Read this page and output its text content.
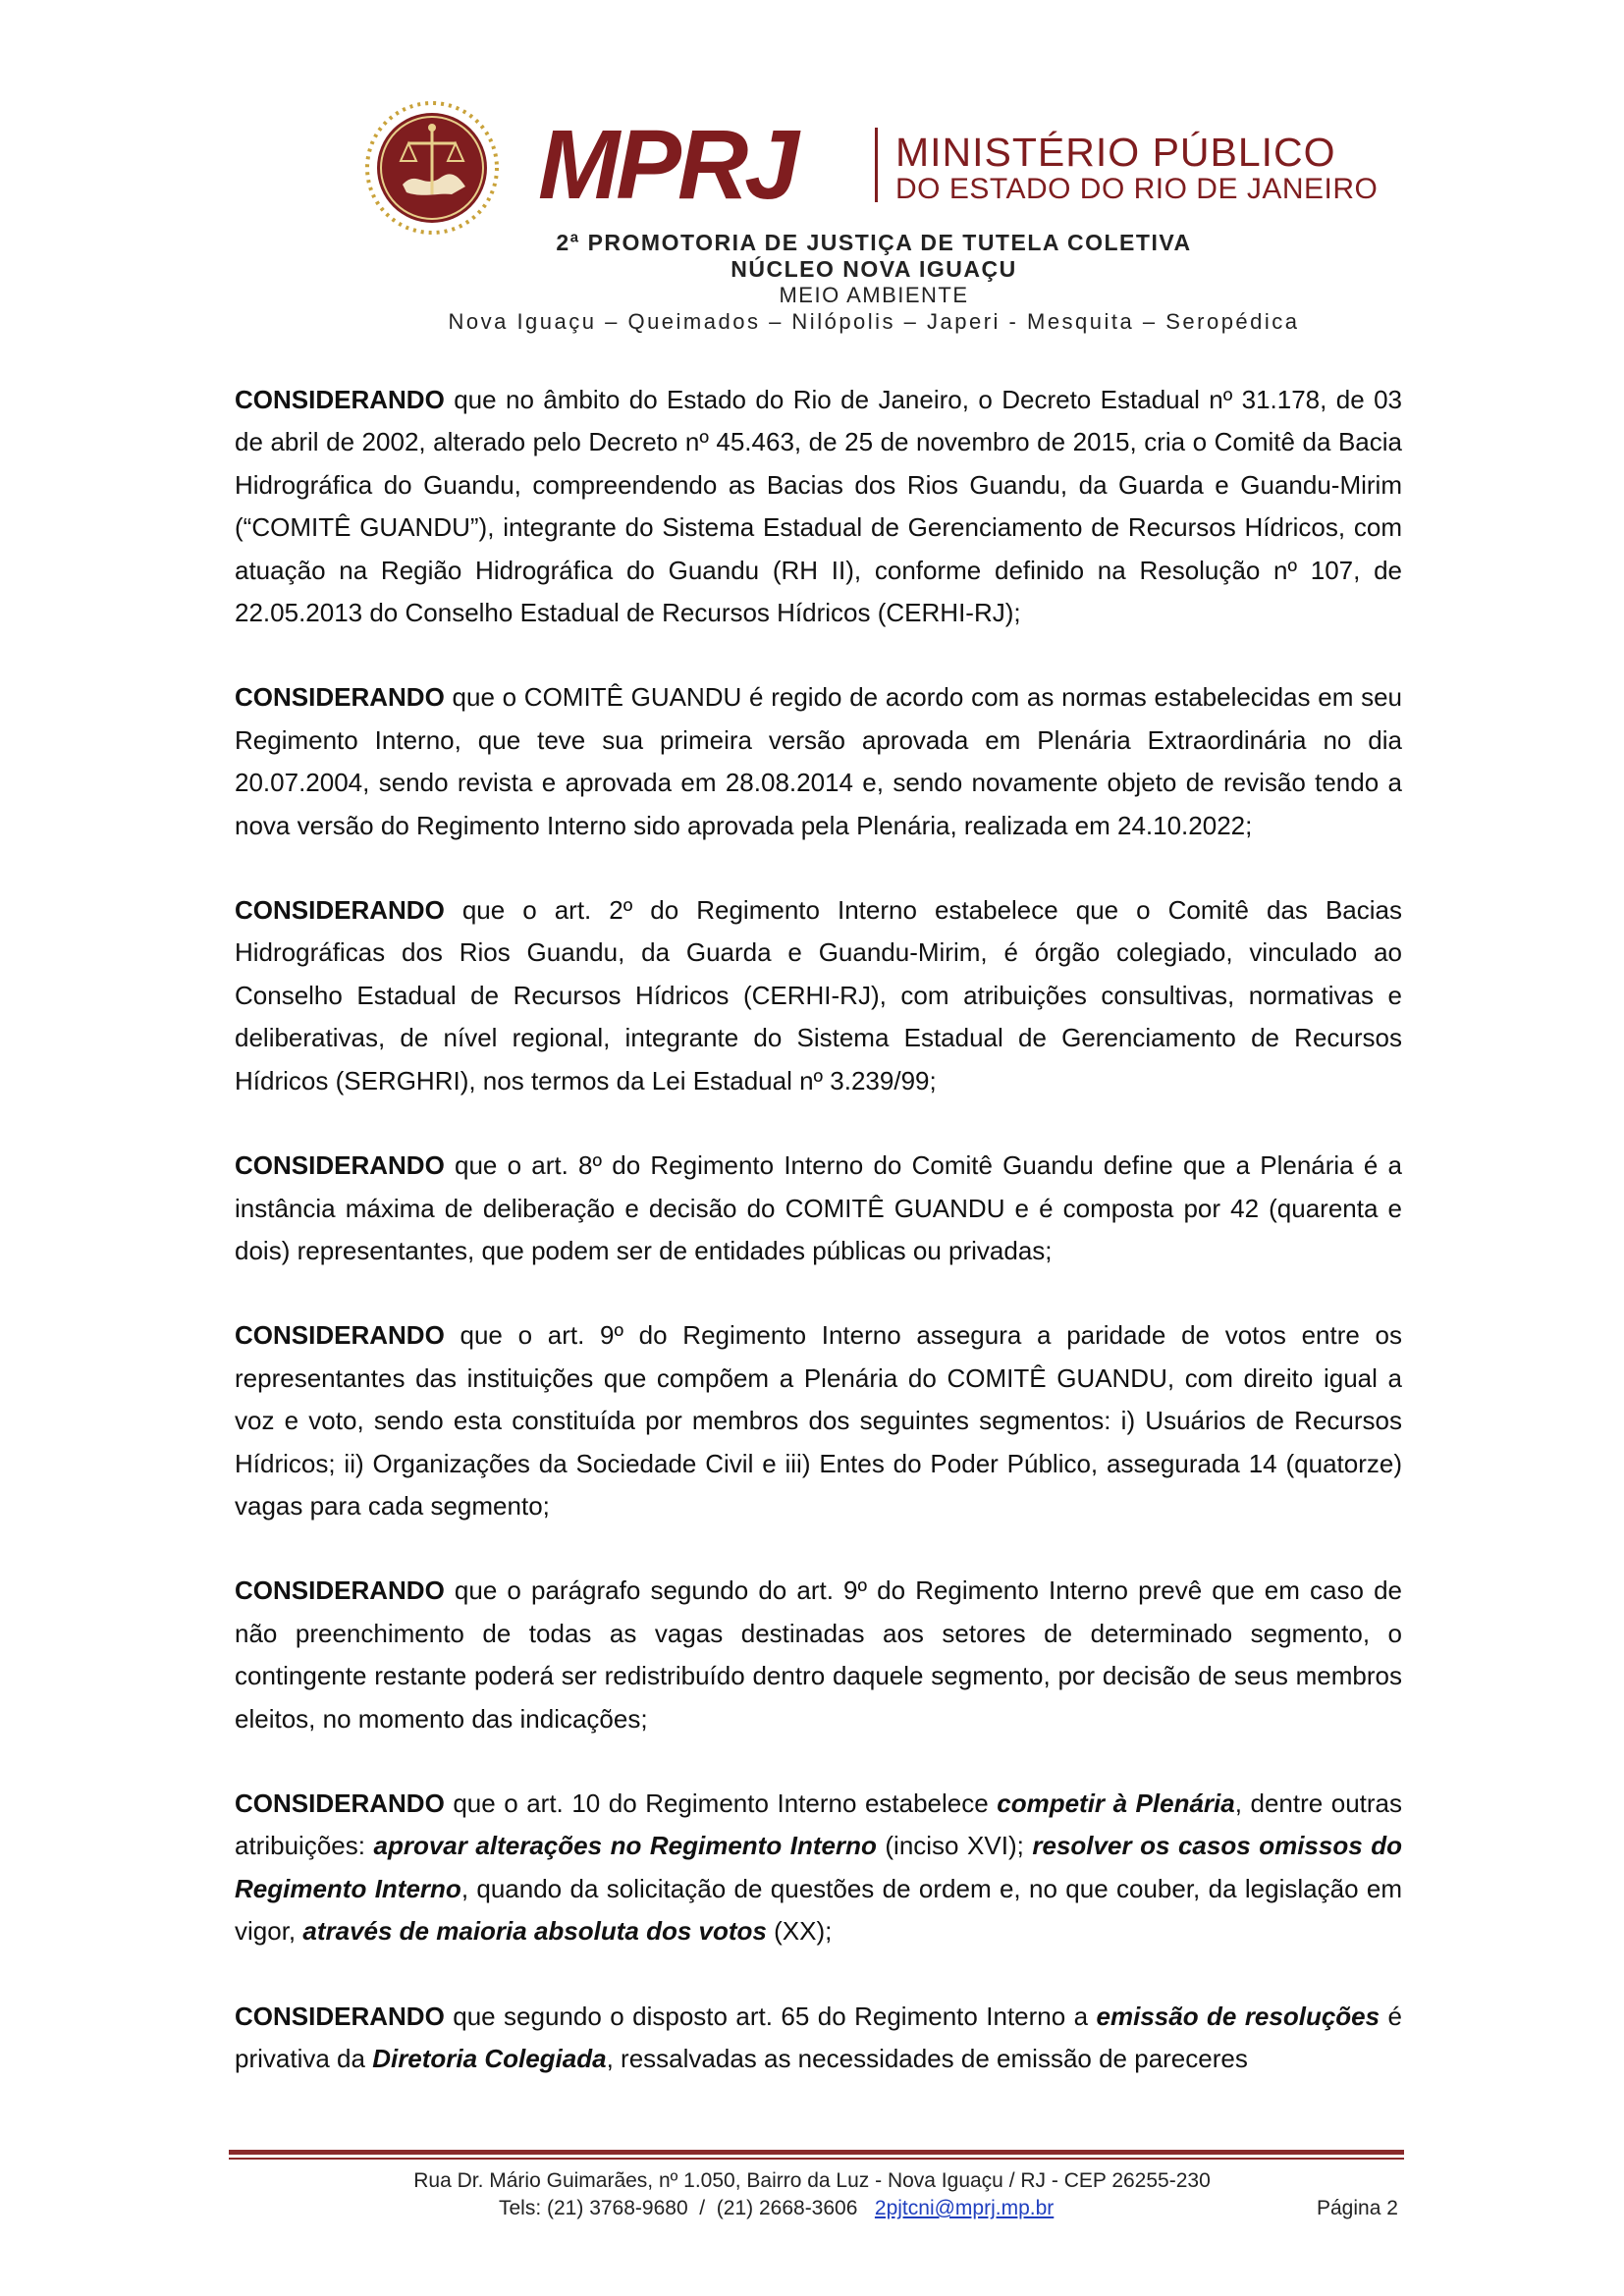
MPRJ MINISTÉRIO PÚBLICO
DO ESTADO DO RIO DE JANEIRO
2ª PROMOTORIA DE JUSTIÇA DE TUTELA COLETIVA
NÚCLEO NOVA IGUAÇU
MEIO AMBIENTE
Nova Iguaçu – Queimados – Nilópolis – Japeri - Mesquita – Seropédica

CONSIDERANDO que no âmbito do Estado do Rio de Janeiro, o Decreto Estadual nº 31.178, de 03 de abril de 2002, alterado pelo Decreto nº 45.463, de 25 de novembro de 2015, cria o Comitê da Bacia Hidrográfica do Guandu, compreendendo as Bacias dos Rios Guandu, da Guarda e Guandu-Mirim (“COMITÊ GUANDU”), integrante do Sistema Estadual de Gerenciamento de Recursos Hídricos, com atuação na Região Hidrográfica do Guandu (RH II), conforme definido na Resolução nº 107, de 22.05.2013 do Conselho Estadual de Recursos Hídricos (CERHI-RJ);

CONSIDERANDO que o COMITÊ GUANDU é regido de acordo com as normas estabelecidas em seu Regimento Interno, que teve sua primeira versão aprovada em Plenária Extraordinária no dia 20.07.2004, sendo revista e aprovada em 28.08.2014 e, sendo novamente objeto de revisão tendo a nova versão do Regimento Interno sido aprovada pela Plenária, realizada em 24.10.2022;

CONSIDERANDO que o art. 2º do Regimento Interno estabelece que o Comitê das Bacias Hidrográficas dos Rios Guandu, da Guarda e Guandu-Mirim, é órgão colegiado, vinculado ao Conselho Estadual de Recursos Hídricos (CERHI-RJ), com atribuições consultivas, normativas e deliberativas, de nível regional, integrante do Sistema Estadual de Gerenciamento de Recursos Hídricos (SERGHRI), nos termos da Lei Estadual nº 3.239/99;

CONSIDERANDO que o art. 8º do Regimento Interno do Comitê Guandu define que a Plenária é a instância máxima de deliberação e decisão do COMITÊ GUANDU e é composta por 42 (quarenta e dois) representantes, que podem ser de entidades públicas ou privadas;

CONSIDERANDO que o art. 9º do Regimento Interno assegura a paridade de votos entre os representantes das instituições que compõem a Plenária do COMITÊ GUANDU, com direito igual a voz e voto, sendo esta constituída por membros dos seguintes segmentos: i) Usuários de Recursos Hídricos; ii) Organizações da Sociedade Civil e iii) Entes do Poder Público, assegurada 14 (quatorze) vagas para cada segmento;

CONSIDERANDO que o parágrafo segundo do art. 9º do Regimento Interno prevê que em caso de não preenchimento de todas as vagas destinadas aos setores de determinado segmento, o contingente restante poderá ser redistribuído dentro daquele segmento, por decisão de seus membros eleitos, no momento das indicações;

CONSIDERANDO que o art. 10 do Regimento Interno estabelece competir à Plenária, dentre outras atribuições: aprovar alterações no Regimento Interno (inciso XVI); resolver os casos omissos do Regimento Interno, quando da solicitação de questões de ordem e, no que couber, da legislação em vigor, através de maioria absoluta dos votos (XX);

CONSIDERANDO que segundo o disposto art. 65 do Regimento Interno a emissão de resoluções é privativa da Diretoria Colegiada, ressalvadas as necessidades de emissão de pareceres

Rua Dr. Mário Guimarães, nº 1.050, Bairro da Luz - Nova Iguaçu / RJ - CEP 26255-230
Tels: (21) 3768-9680  /  (21) 2668-3606   2pjtcni@mprj.mp.br	Página 2
